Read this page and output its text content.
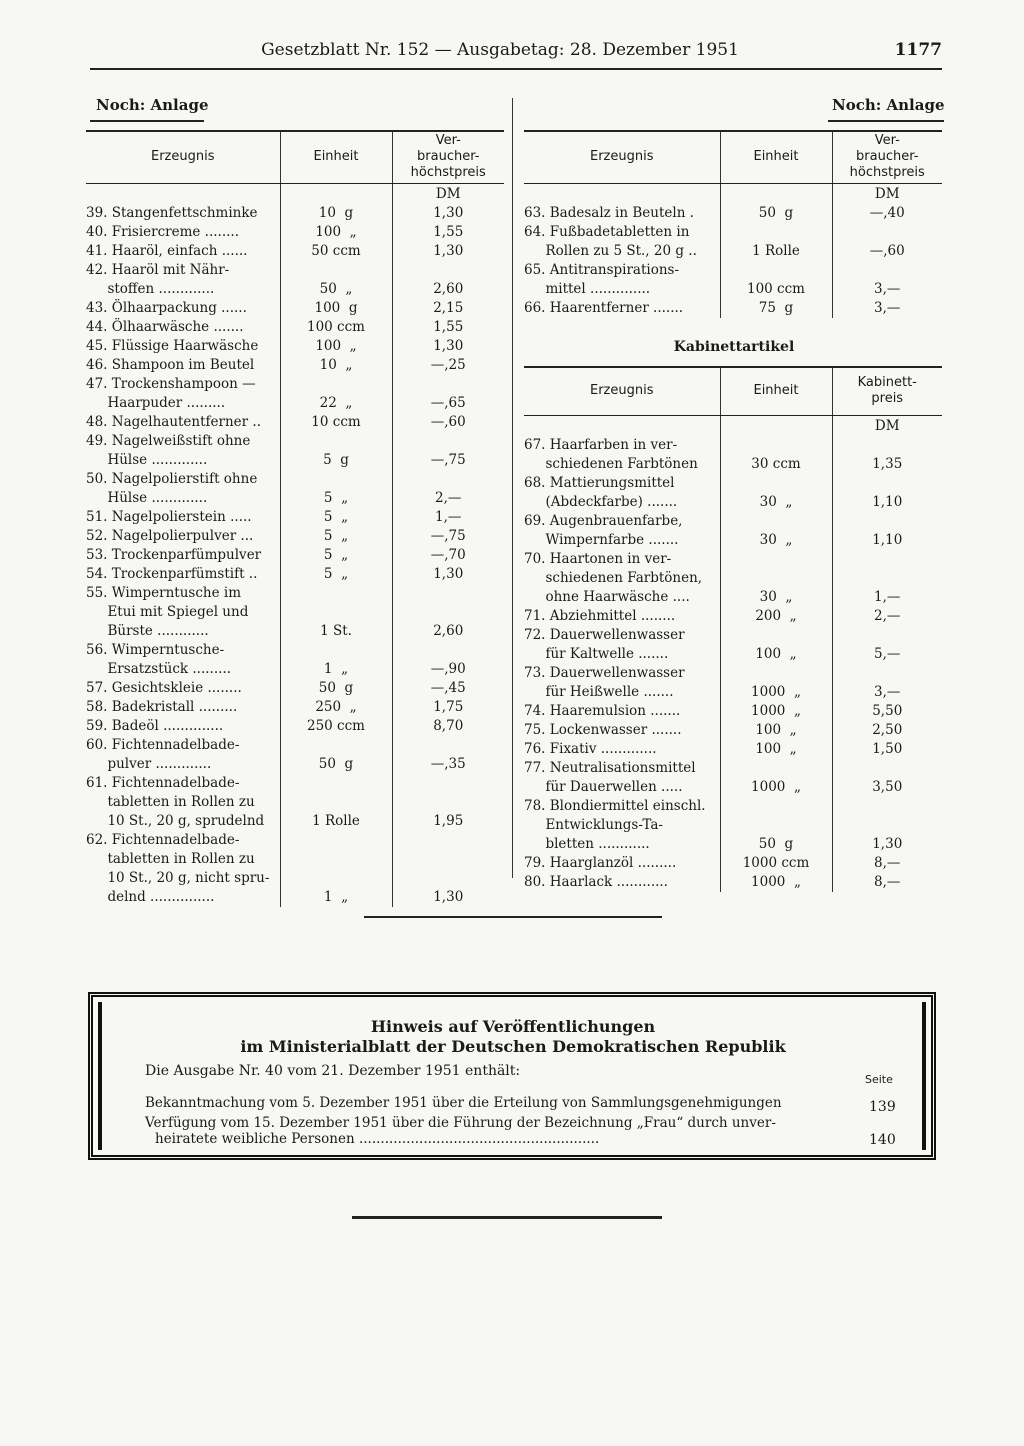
Gesetzblatt Nr. 152 — Ausgabetag: 28. Dezember 1951	1177
Noch: Anlage
Erzeugnis	Einheit	Ver-
braucher-
höchstpreis
		DM

39. Stangenfettschminke	10  g	1,30

40. Frisiercreme ........	100  „	1,55

41. Haaröl, einfach ......	50 ccm	1,30

42. Haaröl mit Nähr-
stoffen .............	50  „	2,60

43. Ölhaarpackung ......	100  g	2,15

44. Ölhaarwäsche .......	100 ccm	1,55

45. Flüssige Haarwäsche	100  „	1,30

46. Shampoon im Beutel	10  „	—,25

47. Trockenshampoon —
Haarpuder .........	22  „	—,65

48. Nagelhautentferner ..	10 ccm	—,60

49. Nagelweißstift ohne
Hülse .............	5  g	—,75

50. Nagelpolierstift ohne
Hülse .............	5  „	2,—

51. Nagelpolierstein .....	5  „	1,—

52. Nagelpolierpulver ...	5  „	—,75

53. Trockenparfümpulver	5  „	—,70

54. Trockenparfümstift ..	5  „	1,30

55. Wimperntusche im
Etui mit Spiegel und
Bürste ............	1 St.	2,60

56. Wimperntusche-
Ersatzstück .........	1  „	—,90

57. Gesichtskleie ........	50  g	—,45

58. Badekristall .........	250  „	1,75

59. Badeöl ..............	250 ccm	8,70

60. Fichtennadelbade-
pulver .............	50  g	—,35

61. Fichtennadelbade-
tabletten in Rollen zu
10 St., 20 g, sprudelnd	1 Rolle	1,95

62. Fichtennadelbade-
tabletten in Rollen zu
10 St., 20 g, nicht spru-
delnd ...............	1  „	1,30
Noch: Anlage
Erzeugnis	Einheit	Ver-
braucher-
höchstpreis
		DM

63. Badesalz in Beuteln .	50  g	—,40

64. Fußbadetabletten in
Rollen zu 5 St., 20 g ..	1 Rolle	—,60

65. Antitranspirations-
mittel ..............	100 ccm	3,—

66. Haarentferner .......	75  g	3,—
Kabinettartikel
Erzeugnis	Einheit	Kabinett-
preis
		DM

67. Haarfarben in ver-
schiedenen Farbtönen	30 ccm	1,35

68. Mattierungsmittel
(Abdeckfarbe) .......	30  „	1,10

69. Augenbrauenfarbe,
Wimpernfarbe .......	30  „	1,10

70. Haartonen in ver-
schiedenen Farbtönen,
ohne Haarwäsche ....	30  „	1,—

71. Abziehmittel ........	200  „	2,—

72. Dauerwellenwasser
für Kaltwelle .......	100  „	5,—

73. Dauerwellenwasser
für Heißwelle .......	1000  „	3,—

74. Haaremulsion .......	1000  „	5,50

75. Lockenwasser .......	100  „	2,50

76. Fixativ .............	100  „	1,50

77. Neutralisationsmittel
für Dauerwellen .....	1000  „	3,50

78. Blondiermittel einschl.
Entwicklungs-Ta-
bletten ............	50  g	1,30

79. Haarglanzöl .........	1000 ccm	8,—

80. Haarlack ............	1000  „	8,—
Hinweis auf Veröffentlichungen
im Ministerialblatt der Deutschen Demokratischen Republik
Die Ausgabe Nr. 40 vom 21. Dezember 1951 enthält:
Seite
Bekanntmachung vom 5. Dezember 1951 über die Erteilung von Sammlungsgenehmigungen	139
Verfügung vom 15. Dezember 1951 über die Führung der Bezeichnung „Frau“ durch unver-
heiratete weibliche Personen ........................................................	140
